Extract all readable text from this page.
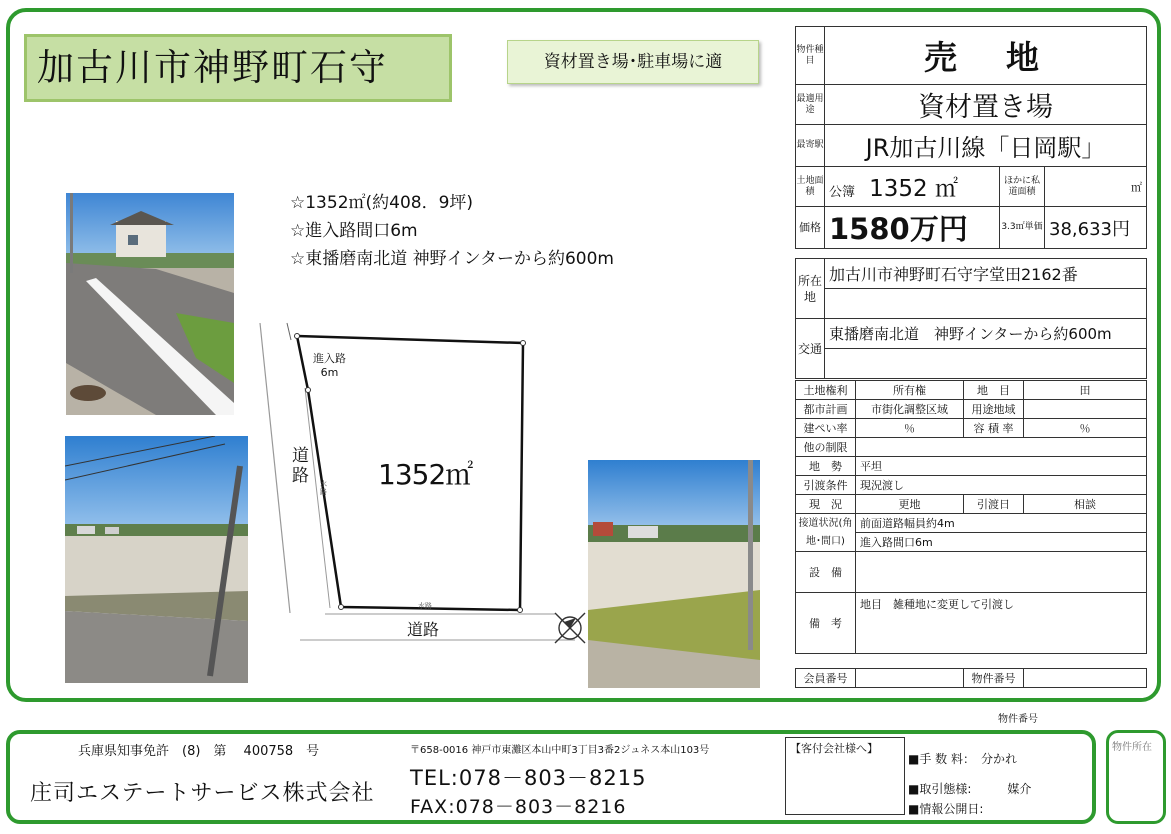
加古川市神野町石守	資材置き場･駐車場に適
☆1352㎡(約408．9坪)
☆進入路間口6m
☆東播磨南北道 神野インターから約600m
進入路
6m
道路	水路
水路
1352㎡
道路
物件種目	売　地		
最適用途	資材置き場		
最寄駅	JR加古川線「日岡駅」		
土地面積	公簿 1352 ㎡	ほかに私道面積	㎡
価格	1580万円	3.3㎡単価	38,633円
所在地	加古川市神野町石守字堂田2162番

交通	東播磨南北道　神野インターから約600m

土地権利	所有権	地　目	田
都市計画	市街化調整区域	用途地域	
建ぺい率	％	容 積 率	％
他の制限			
地　勢	平坦		
引渡条件	現況渡し		
現　況	更地	引渡日	相談
接道状況(角地･間口)	前面道路幅員約4m		
	進入路間口6m		
設　備			
備　考	地目　雑種地に変更して引渡し		
会員番号		物件番号	
物件番号
兵庫県知事免許　(8)　第　 400758　号
庄司エステートサービス株式会社
〒658-0016 神戸市東灘区本山中町3丁目3番2ジュネス本山103号
TEL:078－803－8215
FAX:078－803－8216
【客付会社様へ】
■手 数 料：　分かれ
■取引態様:　　　媒介
■情報公開日:
物件所在
